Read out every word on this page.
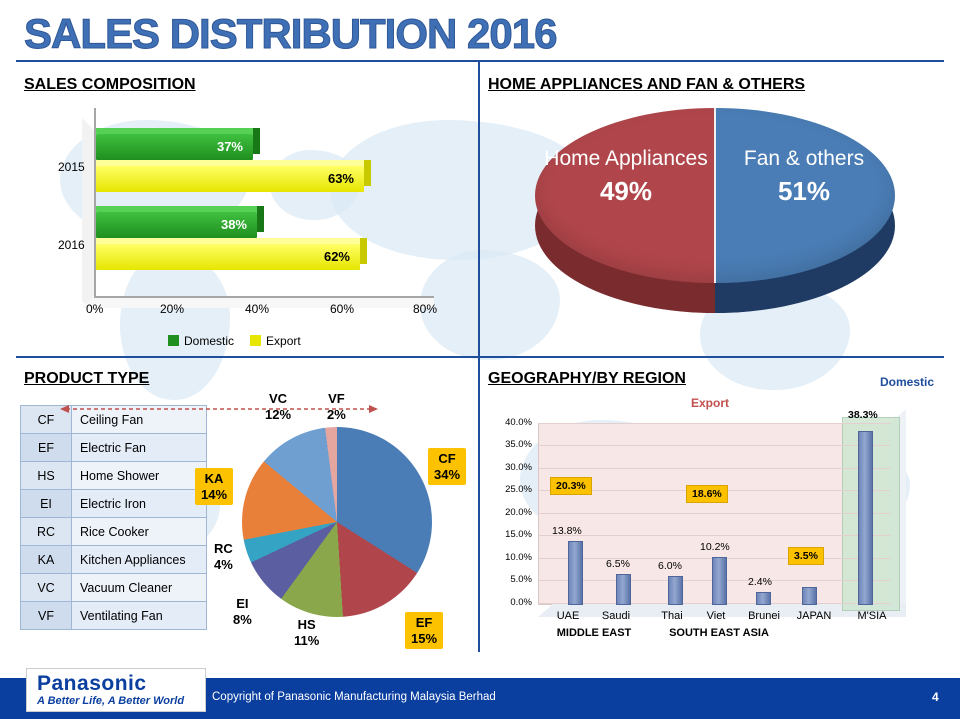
SALES DISTRIBUTION 2016
SALES COMPOSITION
2015
2016
37%
63%
38%
62%
0%	20%	40%	60%	80%
Domestic	Export
HOME APPLIANCES AND FAN & OTHERS
Home Appliances
49%
Fan & others
51%
PRODUCT TYPE
CF	Ceiling Fan
EF	Electric Fan
HS	Home Shower
EI	Electric Iron
RC	Rice Cooker
KA	Kitchen Appliances
VC	Vacuum Cleaner
VF	Ventilating Fan
VC
12%
VF
2%
CF
34%
KA
14%
RC
4%
EI
8%	HS
11%
EF
15%
GEOGRAPHY/BY REGION
40.0%
35.0%
30.0%
25.0%
20.0%
15.0%
10.0%
5.0%
0.0%
13.8%
6.5%	6.0%
10.2%
2.4%
20.3%
18.6%
3.5%
38.3%
UAE	Saudi	Thai	Viet	Brunei	JAPAN	M'SIA
MIDDLE EAST	SOUTH EAST ASIA
Export
Domestic
Panasonic
A Better Life, A Better World Copyright of Panasonic Manufacturing Malaysia Berhad	4
